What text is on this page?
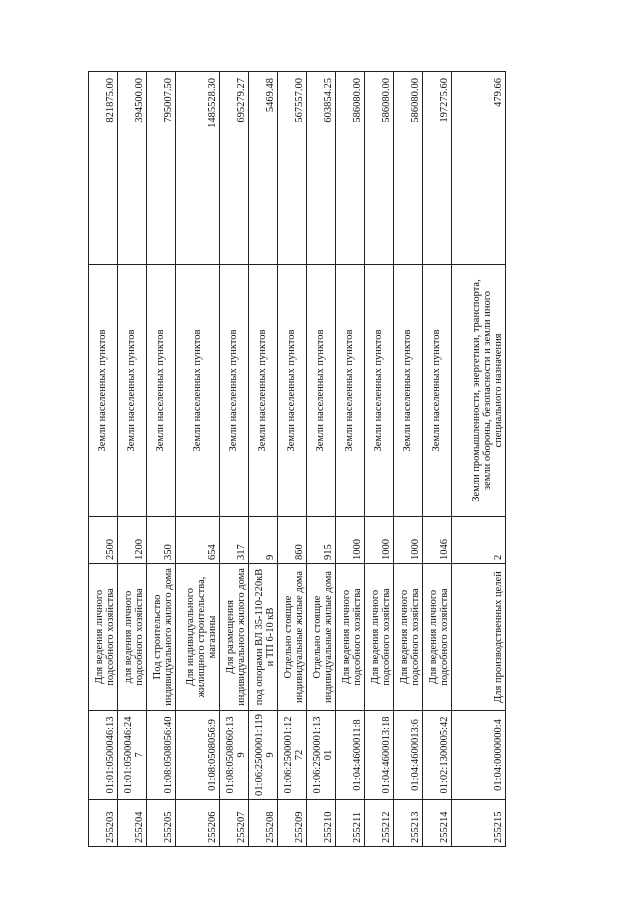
255203	01:01:0500046:13	Для ведения личного подсобного хозяйства	2500	Земли населенных пунктов	821875.00
255204	01:01:0500046:247	для ведения личного подсобного хозяйства	1200	Земли населенных пунктов	394500.00
255205	01:08:0508056:40	Под строительство индивидуального жилого дома	350	Земли населенных пунктов	795007.50
255206	01:08:0508056:9	Для индивидуального жилищного строительства, магазины	654	Земли населенных пунктов	1485528.30
255207	01:08:0508060:139	Для размещения индивидуального жилого дома	317	Земли населенных пунктов	695279.27
255208	01:06:2500001:1199	под опорами ВЛ 35-110-220кВ и ТП 6-10 кВ	9	Земли населенных пунктов	5469.48
255209	01:06:2500001:1272	Отдельно стоящие индивидуальные жилые дома	860	Земли населенных пунктов	567557.00
255210	01:06:2500001:1301	Отдельно стоящие индивидуальные жилые дома	915	Земли населенных пунктов	603854.25
255211	01:04:4600011:8	Для ведения личного подсобного хозяйства	1000	Земли населенных пунктов	586080.00
255212	01:04:4600013:18	Для ведения личного подсобного хозяйства	1000	Земли населенных пунктов	586080.00
255213	01:04:4600013:6	Для ведения личного подсобного хозяйства	1000	Земли населенных пунктов	586080.00
255214	01:02:1300005:42	Для ведения личного подсобного хозяйства	1046	Земли населенных пунктов	197275.60
255215	01:04:0000000:4	Для производственных целей	2	Земли промышленности, энергетики, транспорта, земли обороны, безопасности и земли иного специального назначения	479.66
